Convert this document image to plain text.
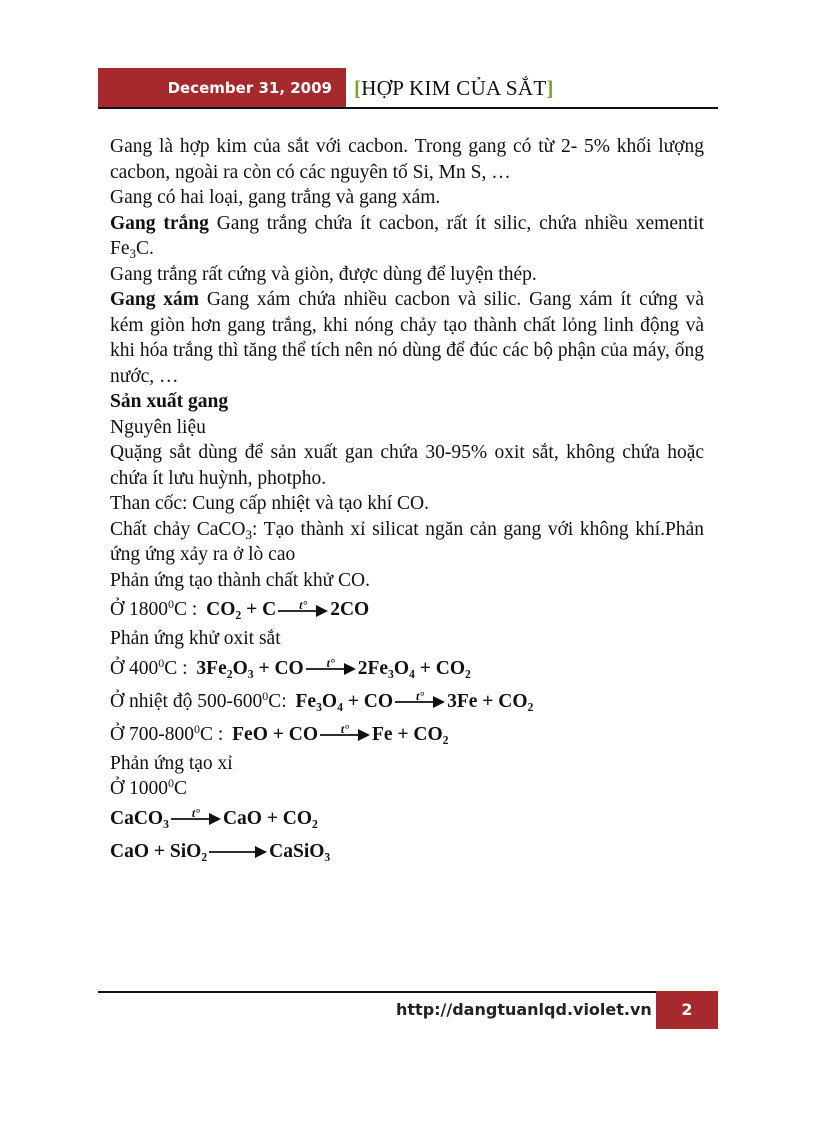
December 31, 2009	[HỢP KIM CỦA SẮT]

Gang là hợp kim của sắt với cacbon. Trong gang có từ 2- 5% khối lượng cacbon, ngoài ra còn có các nguyên tố Si, Mn S, …

Gang có hai loại, gang trắng và gang xám.

Gang trắng Gang trắng chứa ít cacbon, rất ít silic, chứa nhiều xementit $Fe_3C$.

Gang trắng rất cứng và giòn, được dùng để luyện thép.

Gang xám Gang xám chứa nhiều cacbon và silic. Gang xám ít cứng và kém giòn hơn gang trắng, khi nóng chảy tạo thành chất lỏng linh động và khi hóa trắng thì tăng thể tích nên nó dùng để đúc các bộ phận của máy, ống nước, …

Sản xuất gang

Nguyên liệu

Quặng sắt dùng để sản xuất gan chứa 30-95% oxit sắt, không chứa hoặc chứa ít lưu huỳnh, photpho.

Than cốc: Cung cấp nhiệt và tạo khí CO.

Chất chảy CaCO$_3$: Tạo thành xỉ silicat ngăn cản gang với không khí.Phản ứng ứng xảy ra ở lò cao

Phản ứng tạo thành chất khử CO.

Ở 1800$^0$C : CO₂ + C t° 2CO

Phản ứng khử oxit sắt

Ở $400^0C$ : 3Fe₂O₃ + CO t° 2Fe₃O₄ + CO₂

Ở nhiệt độ $500-600^0C$: Fe₃O₄ + CO t° 3Fe + CO₂

Ở $700-800^0C$ : FeO + CO t° Fe + CO₂

Phản ứng tạo xỉ

Ở 1000$^0$C

CaCO₃ t° CaO + CO₂

CaO + SiO₂ → CaSiO₃

http://dangtuanlqd.violet.vn	2
